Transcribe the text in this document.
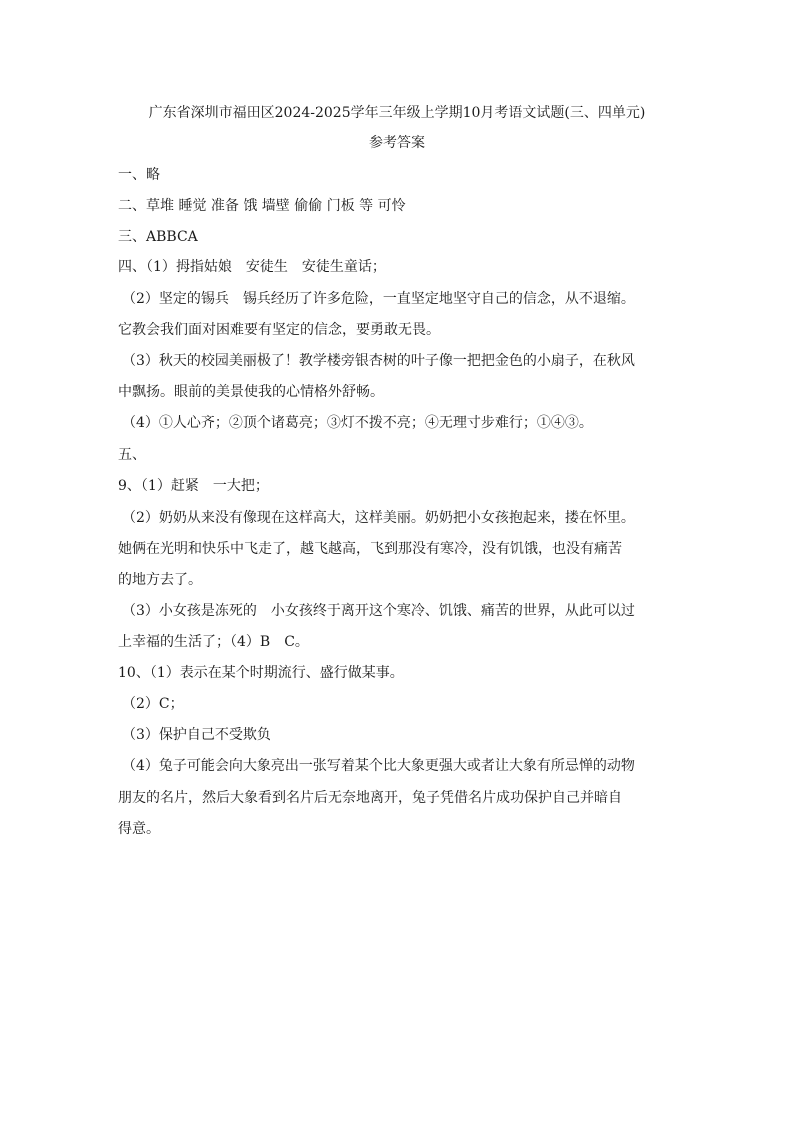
广东省深圳市福田区2024-2025学年三年级上学期10月考语文试题(三、四单元)
参考答案
一、略
二、草堆 睡觉 准备 饿 墙壁 偷偷 门板 等 可怜
三、ABBCA
四、（1）拇指姑娘　安徒生　安徒生童话；
（2）坚定的锡兵　锡兵经历了许多危险，一直坚定地坚守自己的信念，从不退缩。
它教会我们面对困难要有坚定的信念，要勇敢无畏。
（3）秋天的校园美丽极了！教学楼旁银杏树的叶子像一把把金色的小扇子，在秋风
中飘扬。眼前的美景使我的心情格外舒畅。
（4）①人心齐；②顶个诸葛亮；③灯不拨不亮；④无理寸步难行；①④③。
五、
9、（1）赶紧　一大把；
（2）奶奶从来没有像现在这样高大，这样美丽。奶奶把小女孩抱起来，搂在怀里。
她俩在光明和快乐中飞走了，越飞越高，飞到那没有寒冷，没有饥饿，也没有痛苦
的地方去了。
（3）小女孩是冻死的　小女孩终于离开这个寒冷、饥饿、痛苦的世界，从此可以过
上幸福的生活了；（4）B　C。
10、（1）表示在某个时期流行、盛行做某事。
（2）C；
（3）保护自己不受欺负
（4）兔子可能会向大象亮出一张写着某个比大象更强大或者让大象有所忌惮的动物
朋友的名片，然后大象看到名片后无奈地离开，兔子凭借名片成功保护自己并暗自
得意。
